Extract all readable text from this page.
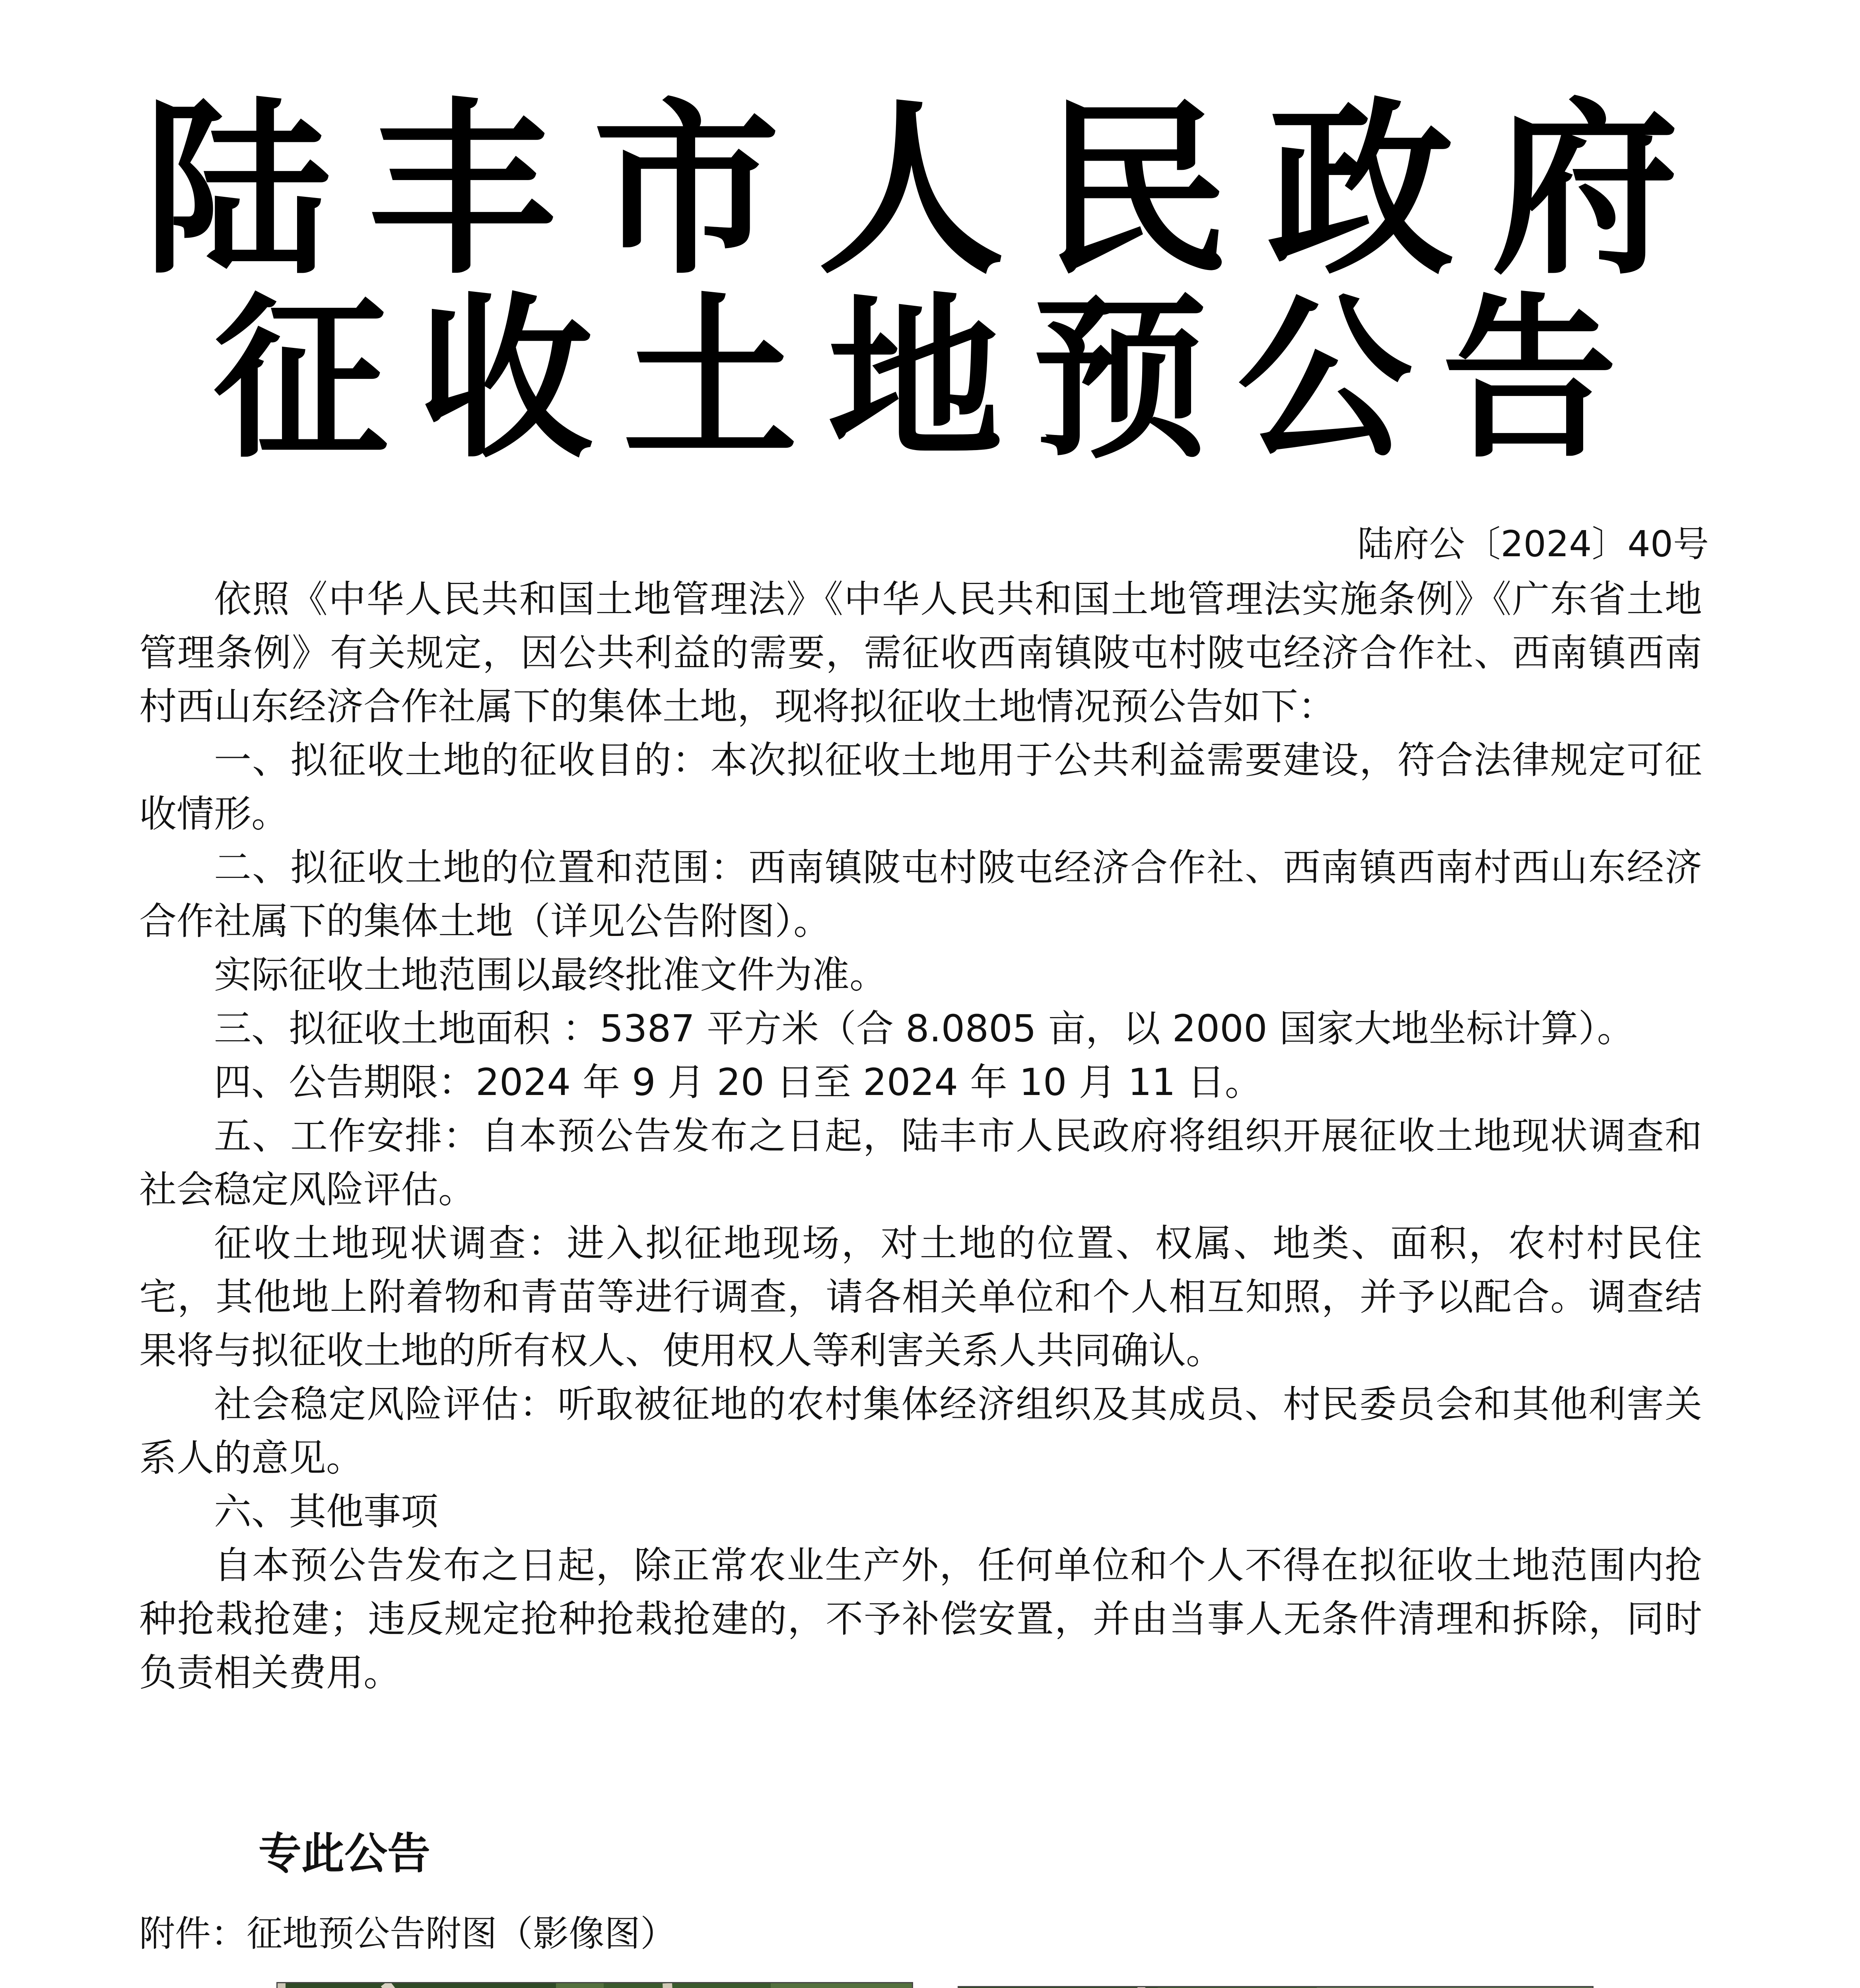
陆丰市人民政府
征收土地预公告
陆府公〔2024〕40号

依照《中华人民共和国土地管理法》《中华人民共和国土地管理法实施条例》《广东省土地管理条例》有关规定，因公共利益的需要，需征收西南镇陂屯村陂屯经济合作社、西南镇西南村西山东经济合作社属下的集体土地，现将拟征收土地情况预公告如下：

一、拟征收土地的征收目的：本次拟征收土地用于公共利益需要建设，符合法律规定可征收情形。

二、拟征收土地的位置和范围：西南镇陂屯村陂屯经济合作社、西南镇西南村西山东经济合作社属下的集体土地（详见公告附图）。

实际征收土地范围以最终批准文件为准。

三、拟征收土地面积 ：5387 平方米（合 8.0805 亩，以 2000 国家大地坐标计算）。

四、公告期限：2024 年 9 月 20 日至 2024 年 10 月 11 日。

五、工作安排：自本预公告发布之日起，陆丰市人民政府将组织开展征收土地现状调查和社会稳定风险评估。

征收土地现状调查：进入拟征地现场，对土地的位置、权属、地类、面积，农村村民住宅，其他地上附着物和青苗等进行调查，请各相关单位和个人相互知照，并予以配合。调查结果将与拟征收土地的所有权人、使用权人等利害关系人共同确认。

社会稳定风险评估：听取被征地的农村集体经济组织及其成员、村民委员会和其他利害关系人的意见。

六、其他事项

自本预公告发布之日起，除正常农业生产外，任何单位和个人不得在拟征收土地范围内抢种抢栽抢建；违反规定抢种抢栽抢建的，不予补偿安置，并由当事人无条件清理和拆除，同时负责相关费用。

专此公告
附件：征地预公告附图（影像图）
